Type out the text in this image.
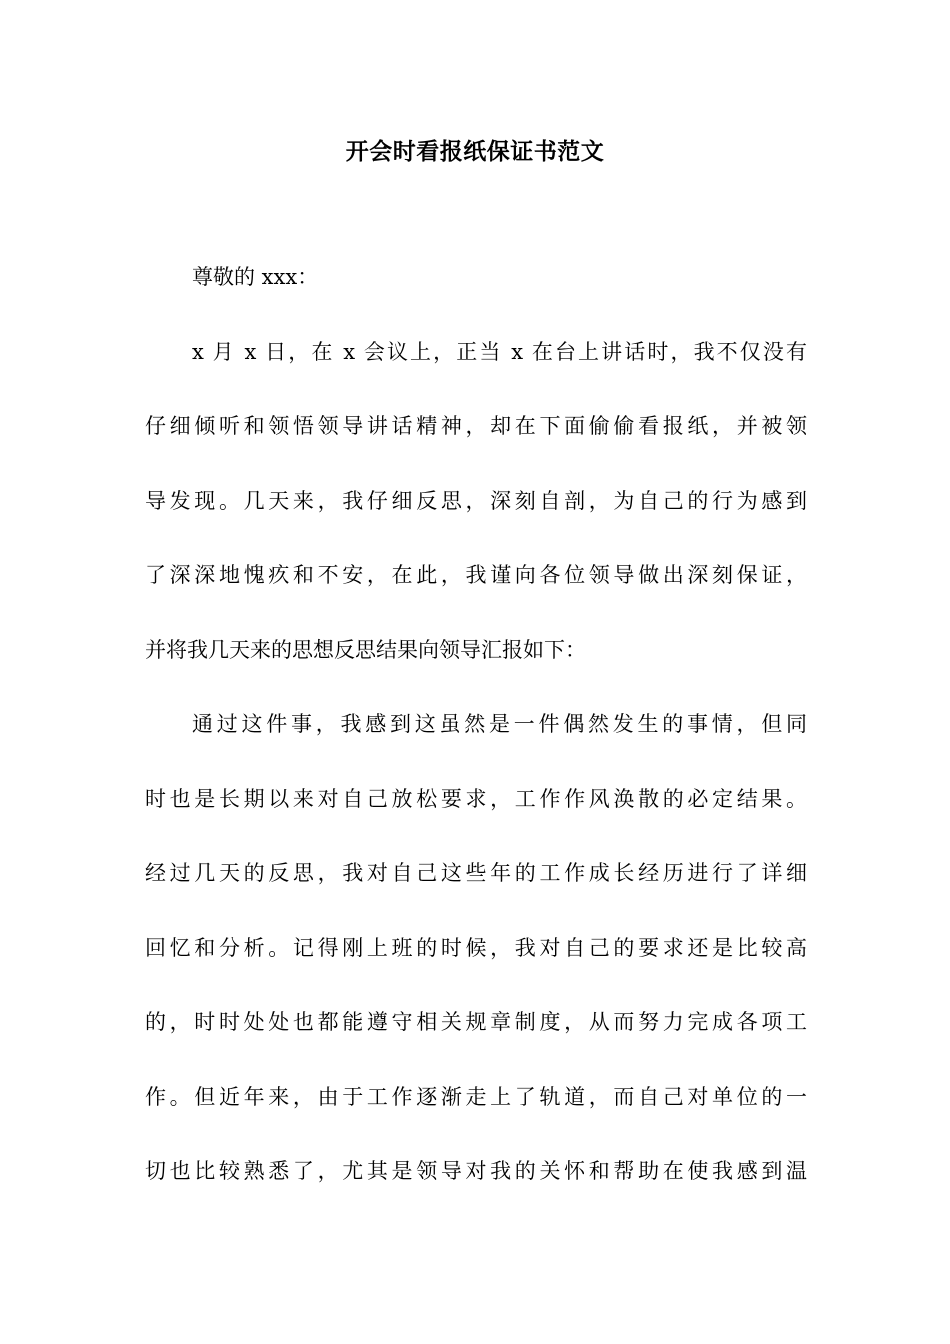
开会时看报纸保证书范文
尊敬的 xxx：
x 月 x 日，在 x 会议上，正当 x 在台上讲话时，我不仅没有
仔细倾听和领悟领导讲话精神，却在下面偷偷看报纸，并被领
导发现。几天来，我仔细反思，深刻自剖，为自己的行为感到
了深深地愧疚和不安，在此，我谨向各位领导做出深刻保证，
并将我几天来的思想反思结果向领导汇报如下：
通过这件事，我感到这虽然是一件偶然发生的事情，但同
时也是长期以来对自己放松要求，工作作风涣散的必定结果。
经过几天的反思，我对自己这些年的工作成长经历进行了详细
回忆和分析。记得刚上班的时候，我对自己的要求还是比较高
的，时时处处也都能遵守相关规章制度，从而努力完成各项工
作。但近年来，由于工作逐渐走上了轨道，而自己对单位的一
切也比较熟悉了，尤其是领导对我的关怀和帮助在使我感到温
